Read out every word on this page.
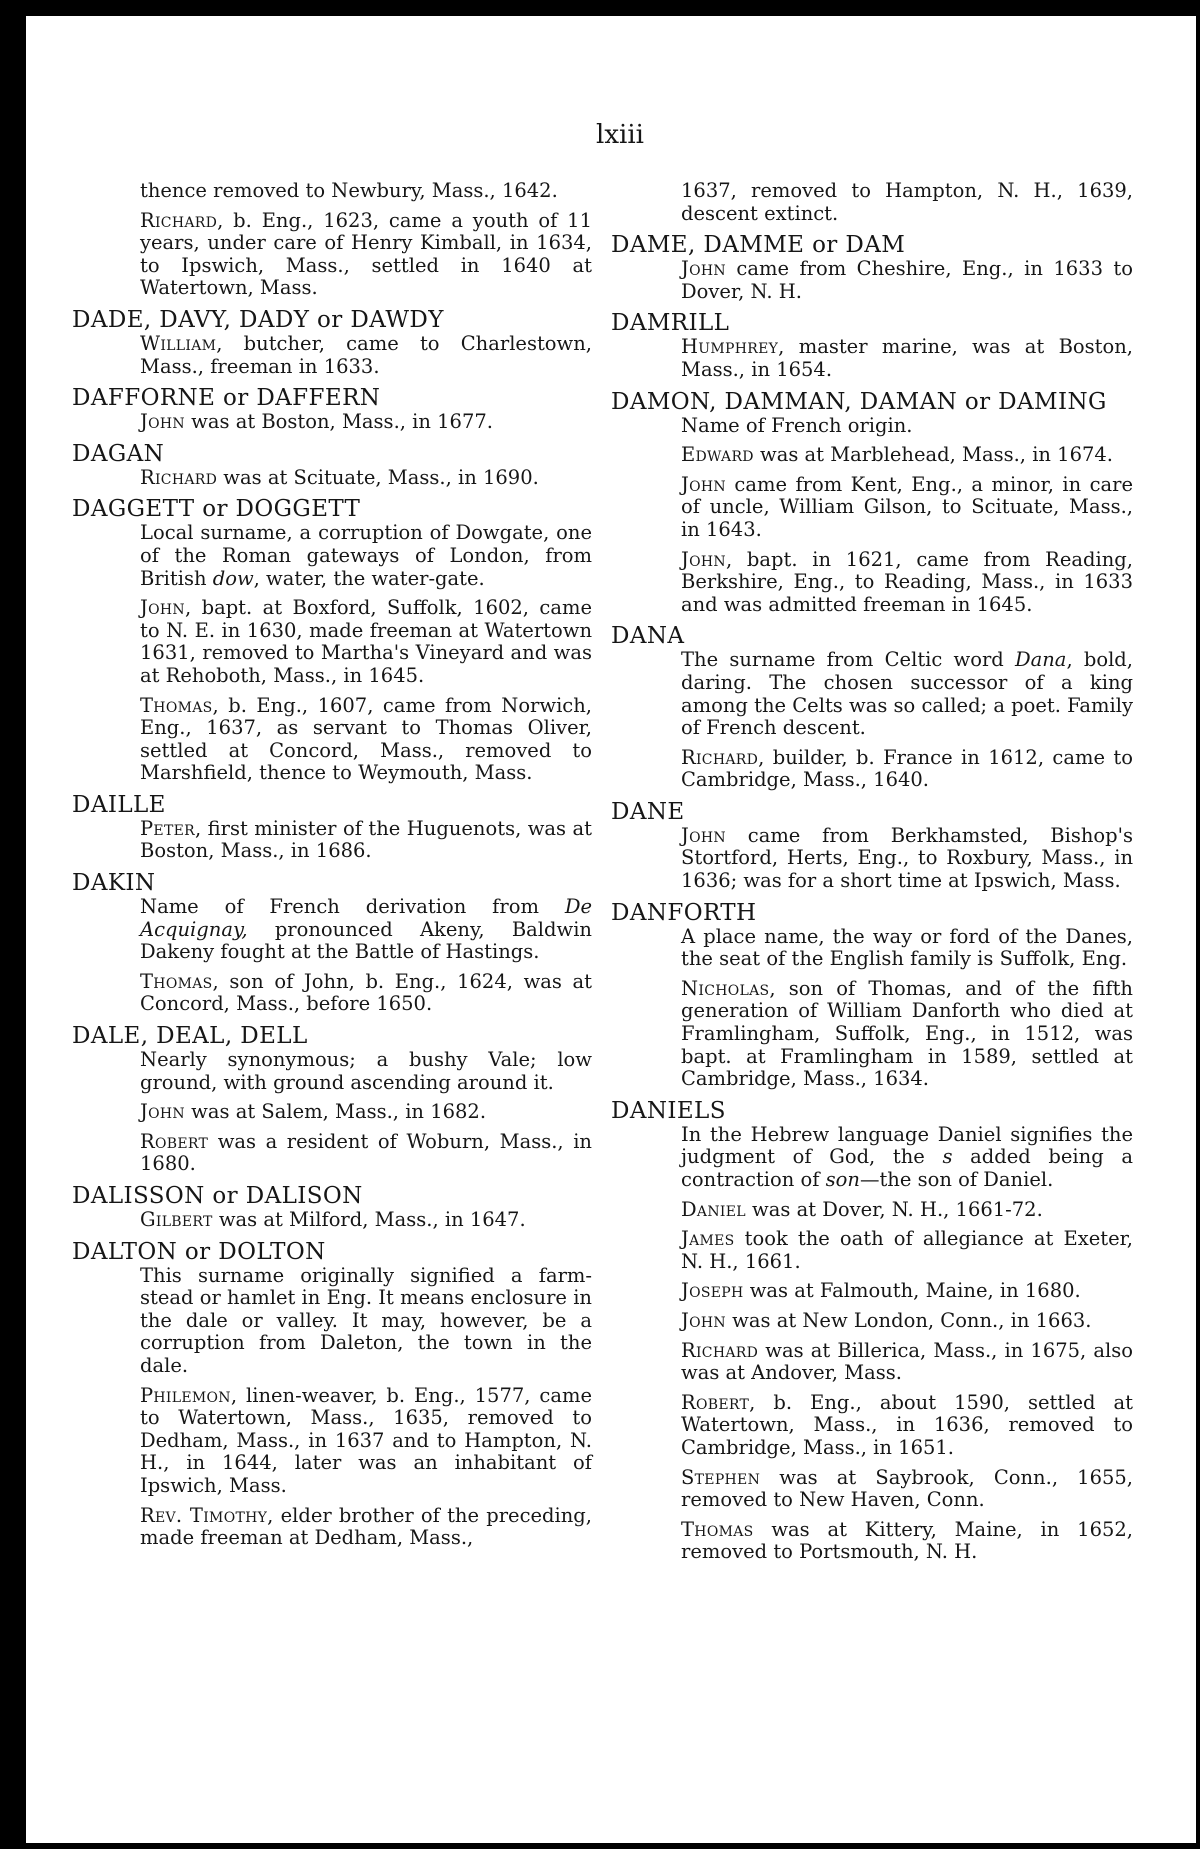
lxiii

thence removed to Newbury, Mass., 1642.

Richard, b. Eng., 1623, came a youth of 11 years, under care of Henry Kimball, in 1634, to Ipswich, Mass., settled in 1640 at Watertown, Mass.

DADE, DAVY, DADY or DAWDY

William, butcher, came to Charlestown, Mass., freeman in 1633.

DAFFORNE or DAFFERN

John was at Boston, Mass., in 1677.

DAGAN

Richard was at Scituate, Mass., in 1690.

DAGGETT or DOGGETT

Local surname, a corruption of Dowgate, one of the Roman gateways of London, from British dow, water, the water-gate.

John, bapt. at Boxford, Suffolk, 1602, came to N. E. in 1630, made freeman at Watertown 1631, removed to Martha's Vineyard and was at Rehoboth, Mass., in 1645.

Thomas, b. Eng., 1607, came from Norwich, Eng., 1637, as servant to Thomas Oliver, settled at Concord, Mass., removed to Marshfield, thence to Weymouth, Mass.

DAILLE

Peter, first minister of the Huguenots, was at Boston, Mass., in 1686.

DAKIN

Name of French derivation from De Acquignay, pronounced Akeny, Baldwin Dakeny fought at the Battle of Hastings.

Thomas, son of John, b. Eng., 1624, was at Concord, Mass., before 1650.

DALE, DEAL, DELL

Nearly synonymous; a bushy Vale; low ground, with ground ascending around it.

John was at Salem, Mass., in 1682.

Robert was a resident of Woburn, Mass., in 1680.

DALISSON or DALISON

Gilbert was at Milford, Mass., in 1647.

DALTON or DOLTON

This surname originally signified a farm-stead or hamlet in Eng. It means enclosure in the dale or valley. It may, however, be a corruption from Daleton, the town in the dale.

Philemon, linen-weaver, b. Eng., 1577, came to Watertown, Mass., 1635, removed to Dedham, Mass., in 1637 and to Hampton, N. H., in 1644, later was an inhabitant of Ipswich, Mass.

Rev. Timothy, elder brother of the preceding, made freeman at Dedham, Mass.,

1637, removed to Hampton, N. H., 1639, descent extinct.

DAME, DAMME or DAM

John came from Cheshire, Eng., in 1633 to Dover, N. H.

DAMRILL

Humphrey, master marine, was at Boston, Mass., in 1654.

DAMON, DAMMAN, DAMAN or DAMING

Name of French origin.

Edward was at Marblehead, Mass., in 1674.

John came from Kent, Eng., a minor, in care of uncle, William Gilson, to Scituate, Mass., in 1643.

John, bapt. in 1621, came from Reading, Berkshire, Eng., to Reading, Mass., in 1633 and was admitted freeman in 1645.

DANA

The surname from Celtic word Dana, bold, daring. The chosen successor of a king among the Celts was so called; a poet. Family of French descent.

Richard, builder, b. France in 1612, came to Cambridge, Mass., 1640.

DANE

John came from Berkhamsted, Bishop's Stortford, Herts, Eng., to Roxbury, Mass., in 1636; was for a short time at Ipswich, Mass.

DANFORTH

A place name, the way or ford of the Danes, the seat of the English family is Suffolk, Eng.

Nicholas, son of Thomas, and of the fifth generation of William Danforth who died at Framlingham, Suffolk, Eng., in 1512, was bapt. at Framlingham in 1589, settled at Cambridge, Mass., 1634.

DANIELS

In the Hebrew language Daniel signifies the judgment of God, the s added being a contraction of son—the son of Daniel.

Daniel was at Dover, N. H., 1661-72.

James took the oath of allegiance at Exeter, N. H., 1661.

Joseph was at Falmouth, Maine, in 1680.

John was at New London, Conn., in 1663.

Richard was at Billerica, Mass., in 1675, also was at Andover, Mass.

Robert, b. Eng., about 1590, settled at Watertown, Mass., in 1636, removed to Cambridge, Mass., in 1651.

Stephen was at Saybrook, Conn., 1655, removed to New Haven, Conn.

Thomas was at Kittery, Maine, in 1652, removed to Portsmouth, N. H.
